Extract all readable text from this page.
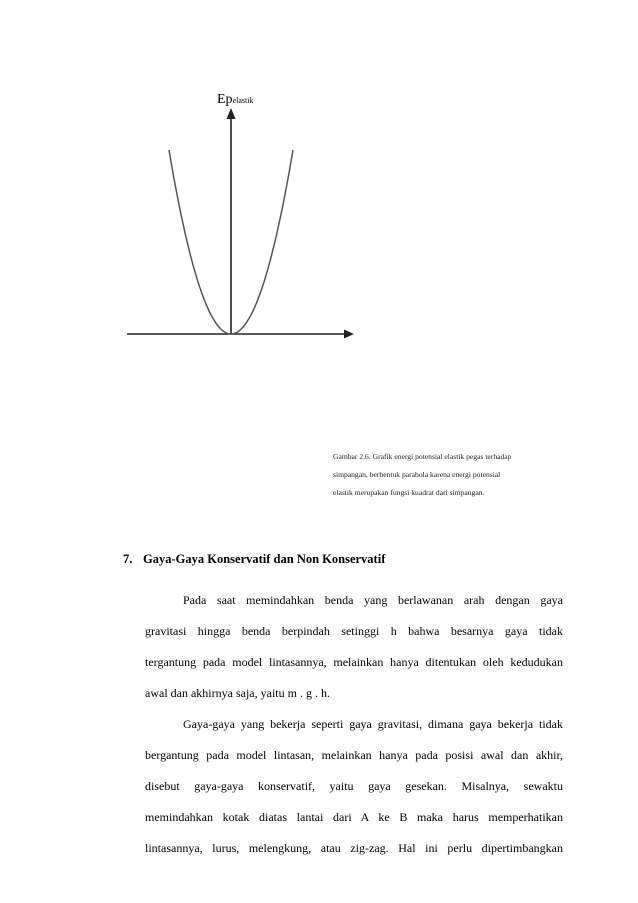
Epelastik
Gambar 2.6. Grafik energi potensial elastik pegas terhadap
simpangan, berbentuk parabola karena energi potensial
elastik merupakan fungsi kuadrat dari simpangan.
7. Gaya-Gaya Konservatif dan Non Konservatif
Pada saat memindahkan benda yang berlawanan arah dengan gaya
gravitasi hingga benda berpindah setinggi h bahwa besarnya gaya tidak
tergantung pada model lintasannya, melainkan hanya ditentukan oleh kedudukan
awal dan akhirnya saja, yaitu m . g . h.
Gaya-gaya yang bekerja seperti gaya gravitasi, dimana gaya bekerja tidak
bergantung pada model lintasan, melainkan hanya pada posisi awal dan akhir,
disebut gaya-gaya konservatif, yaitu gaya gesekan. Misalnya, sewaktu
memindahkan kotak diatas lantai dari A ke B maka harus memperhatikan
lintasannya, lurus, melengkung, atau zig-zag. Hal ini perlu dipertimbangkan
